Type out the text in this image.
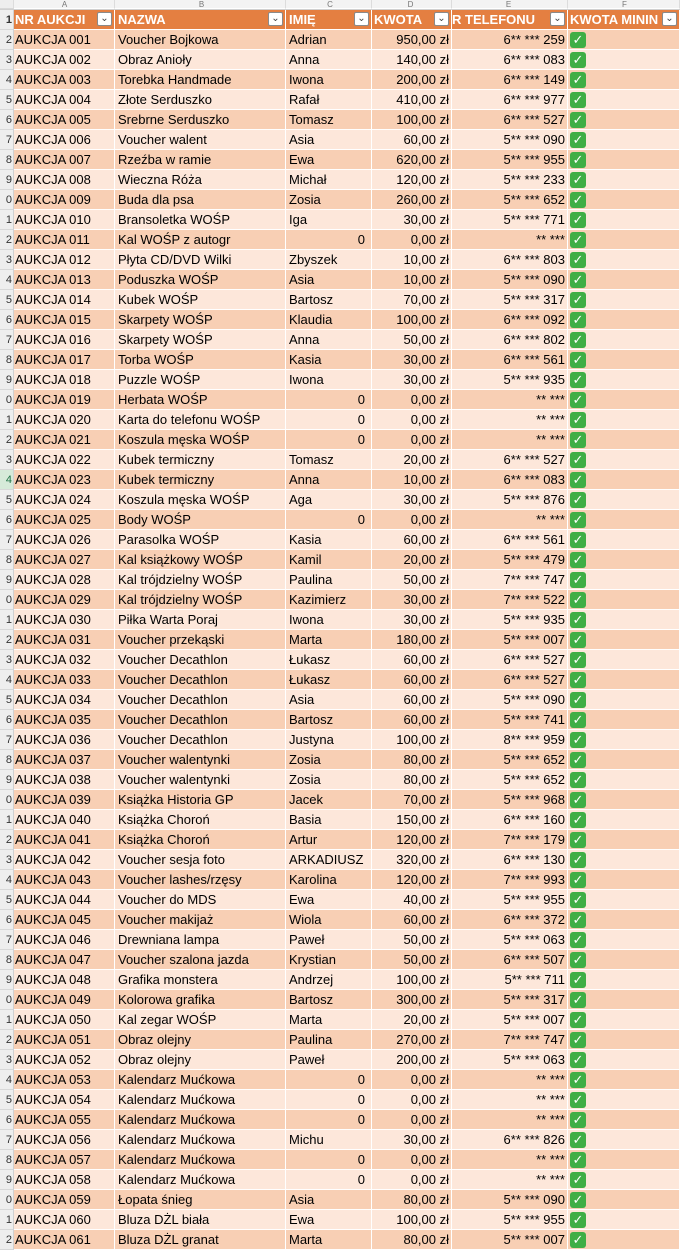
A	B	C	D	E	F
1 NR AUKCJI	⌄ NAZWA	⌄ IMIĘ	⌄ KWOTA	⌄ R TELEFONU	⌄ KWOTA MININ ⌄
2 AUKCJA 001	Voucher Bojkowa	Adrian	950,00 zł	6** *** 259 ✓
3 AUKCJA 002	Obraz Anioły	Anna	140,00 zł	6** *** 083 ✓
4 AUKCJA 003	Torebka Handmade	Iwona	200,00 zł	6** *** 149 ✓
5 AUKCJA 004	Złote Serduszko	Rafał	410,00 zł	6** *** 977 ✓
6 AUKCJA 005	Srebrne Serduszko	Tomasz	100,00 zł	6** *** 527 ✓
7 AUKCJA 006	Voucher walent	Asia	60,00 zł	5** *** 090 ✓
8 AUKCJA 007	Rzeźba w ramie	Ewa	620,00 zł	5** *** 955 ✓
9 AUKCJA 008	Wieczna Róża	Michał	120,00 zł	5** *** 233 ✓
0 AUKCJA 009	Buda dla psa	Zosia	260,00 zł	5** *** 652 ✓
1 AUKCJA 010	Bransoletka WOŚP	Iga	30,00 zł	5** *** 771 ✓
2 AUKCJA 011	Kal WOŚP z autogr	0	0,00 zł	** *** ✓
3 AUKCJA 012	Płyta CD/DVD Wilki	Zbyszek	10,00 zł	6** *** 803 ✓
4 AUKCJA 013	Poduszka WOŚP	Asia	10,00 zł	5** *** 090 ✓
5 AUKCJA 014	Kubek WOŚP	Bartosz	70,00 zł	5** *** 317 ✓
6 AUKCJA 015	Skarpety WOŚP	Klaudia	100,00 zł	6** *** 092 ✓
7 AUKCJA 016	Skarpety WOŚP	Anna	50,00 zł	6** *** 802 ✓
8 AUKCJA 017	Torba WOŚP	Kasia	30,00 zł	6** *** 561 ✓
9 AUKCJA 018	Puzzle WOŚP	Iwona	30,00 zł	5** *** 935 ✓
0 AUKCJA 019	Herbata WOŚP	0	0,00 zł	** *** ✓
1 AUKCJA 020	Karta do telefonu WOŚP	0	0,00 zł	** *** ✓
2 AUKCJA 021	Koszula męska WOŚP	0	0,00 zł	** *** ✓
3 AUKCJA 022	Kubek termiczny	Tomasz	20,00 zł	6** *** 527 ✓
4 AUKCJA 023	Kubek termiczny	Anna	10,00 zł	6** *** 083 ✓
5 AUKCJA 024	Koszula męska WOŚP	Aga	30,00 zł	5** *** 876 ✓
6 AUKCJA 025	Body WOŚP	0	0,00 zł	** *** ✓
7 AUKCJA 026	Parasolka WOŚP	Kasia	60,00 zł	6** *** 561 ✓
8 AUKCJA 027	Kal książkowy WOŚP	Kamil	20,00 zł	5** *** 479 ✓
9 AUKCJA 028	Kal trójdzielny WOŚP	Paulina	50,00 zł	7** *** 747 ✓
0 AUKCJA 029	Kal trójdzielny WOŚP	Kazimierz	30,00 zł	7** *** 522 ✓
1 AUKCJA 030	Piłka Warta Poraj	Iwona	30,00 zł	5** *** 935 ✓
2 AUKCJA 031	Voucher przekąski	Marta	180,00 zł	5** *** 007 ✓
3 AUKCJA 032	Voucher Decathlon	Łukasz	60,00 zł	6** *** 527 ✓
4 AUKCJA 033	Voucher Decathlon	Łukasz	60,00 zł	6** *** 527 ✓
5 AUKCJA 034	Voucher Decathlon	Asia	60,00 zł	5** *** 090 ✓
6 AUKCJA 035	Voucher Decathlon	Bartosz	60,00 zł	5** *** 741 ✓
7 AUKCJA 036	Voucher Decathlon	Justyna	100,00 zł	8** *** 959 ✓
8 AUKCJA 037	Voucher walentynki	Zosia	80,00 zł	5** *** 652 ✓
9 AUKCJA 038	Voucher walentynki	Zosia	80,00 zł	5** *** 652 ✓
0 AUKCJA 039	Książka Historia GP	Jacek	70,00 zł	5** *** 968 ✓
1 AUKCJA 040	Książka Choroń	Basia	150,00 zł	6** *** 160 ✓
2 AUKCJA 041	Książka Choroń	Artur	120,00 zł	7** *** 179 ✓
3 AUKCJA 042	Voucher sesja foto	ARKADIUSZ	320,00 zł	6** *** 130 ✓
4 AUKCJA 043	Voucher lashes/rzęsy	Karolina	120,00 zł	7** *** 993 ✓
5 AUKCJA 044	Voucher do MDS	Ewa	40,00 zł	5** *** 955 ✓
6 AUKCJA 045	Voucher makijaż	Wiola	60,00 zł	6** *** 372 ✓
7 AUKCJA 046	Drewniana lampa	Paweł	50,00 zł	5** *** 063 ✓
8 AUKCJA 047	Voucher szalona jazda	Krystian	50,00 zł	6** *** 507 ✓
9 AUKCJA 048	Grafika monstera	Andrzej	100,00 zł	5** *** 711 ✓
0 AUKCJA 049	Kolorowa grafika	Bartosz	300,00 zł	5** *** 317 ✓
1 AUKCJA 050	Kal zegar WOŚP	Marta	20,00 zł	5** *** 007 ✓
2 AUKCJA 051	Obraz olejny	Paulina	270,00 zł	7** *** 747 ✓
3 AUKCJA 052	Obraz olejny	Paweł	200,00 zł	5** *** 063 ✓
4 AUKCJA 053	Kalendarz Mućkowa	0	0,00 zł	** *** ✓
5 AUKCJA 054	Kalendarz Mućkowa	0	0,00 zł	** *** ✓
6 AUKCJA 055	Kalendarz Mućkowa	0	0,00 zł	** *** ✓
7 AUKCJA 056	Kalendarz Mućkowa	Michu	30,00 zł	6** *** 826 ✓
8 AUKCJA 057	Kalendarz Mućkowa	0	0,00 zł	** *** ✓
9 AUKCJA 058	Kalendarz Mućkowa	0	0,00 zł	** *** ✓
0 AUKCJA 059	Łopata śnieg	Asia	80,00 zł	5** *** 090 ✓
1 AUKCJA 060	Bluza DŻL biała	Ewa	100,00 zł	5** *** 955 ✓
2 AUKCJA 061	Bluza DŻL granat	Marta	80,00 zł	5** *** 007 ✓
